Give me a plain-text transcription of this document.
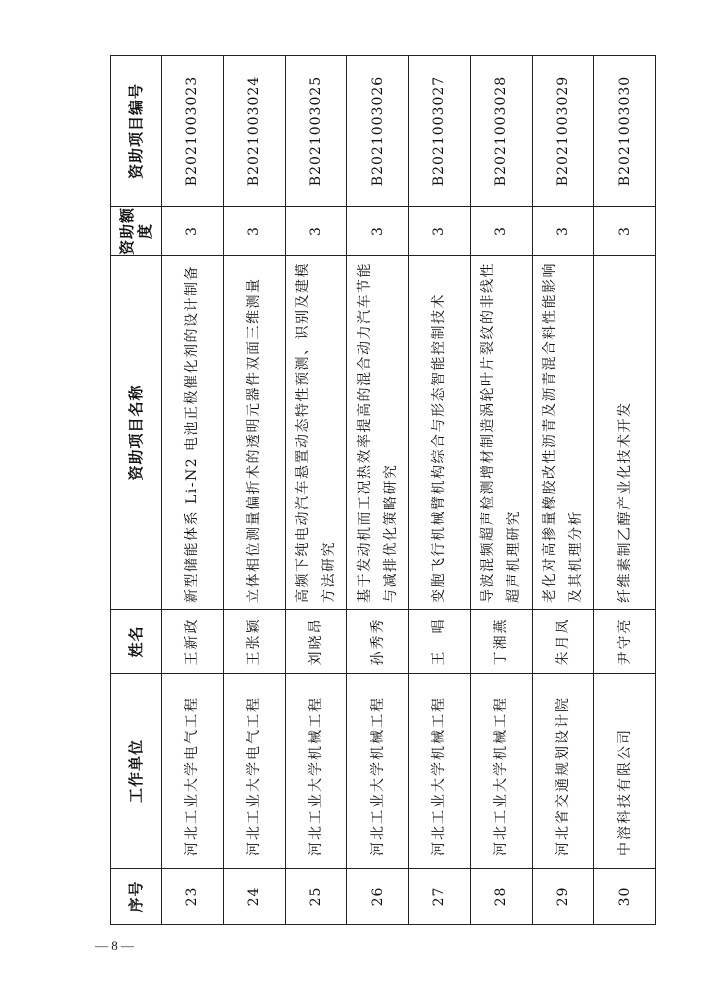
序号	工作单位	姓名	资助项目名称	资助额度	资助项目编号
23	河北工业大学电气工程	王新政	新型储能体系 Li-N2 电池正极催化剂的设计制备	3	B2021003023
24	河北工业大学电气工程	王张颖	立体相位测量偏折术的透明元器件双面三维测量	3	B2021003024
25	河北工业大学机械工程	刘晓昂	高频下纯电动汽车悬置动态特性预测、识别及建模方法研究	3	B2021003025
26	河北工业大学机械工程	孙秀秀	基于发动机而工况热效率提高的混合动力汽车节能与减排优化策略研究	3	B2021003026
27	河北工业大学机械工程	王　唱	变胞飞行机械臂机构综合与形态智能控制技术	3	B2021003027
28	河北工业大学机械工程	丁湘燕	导波混频超声检测增材制造涡轮叶片裂纹的非线性超声机理研究	3	B2021003028
29	河北省交通规划设计院	朱月凤	老化对高掺量橡胶改性沥青及沥青混合料性能影响及其机理分析	3	B2021003029
30	中溶科技有限公司	尹守亮	纤维素制乙醇产业化技术开发	3	B2021003030
— 8 —
